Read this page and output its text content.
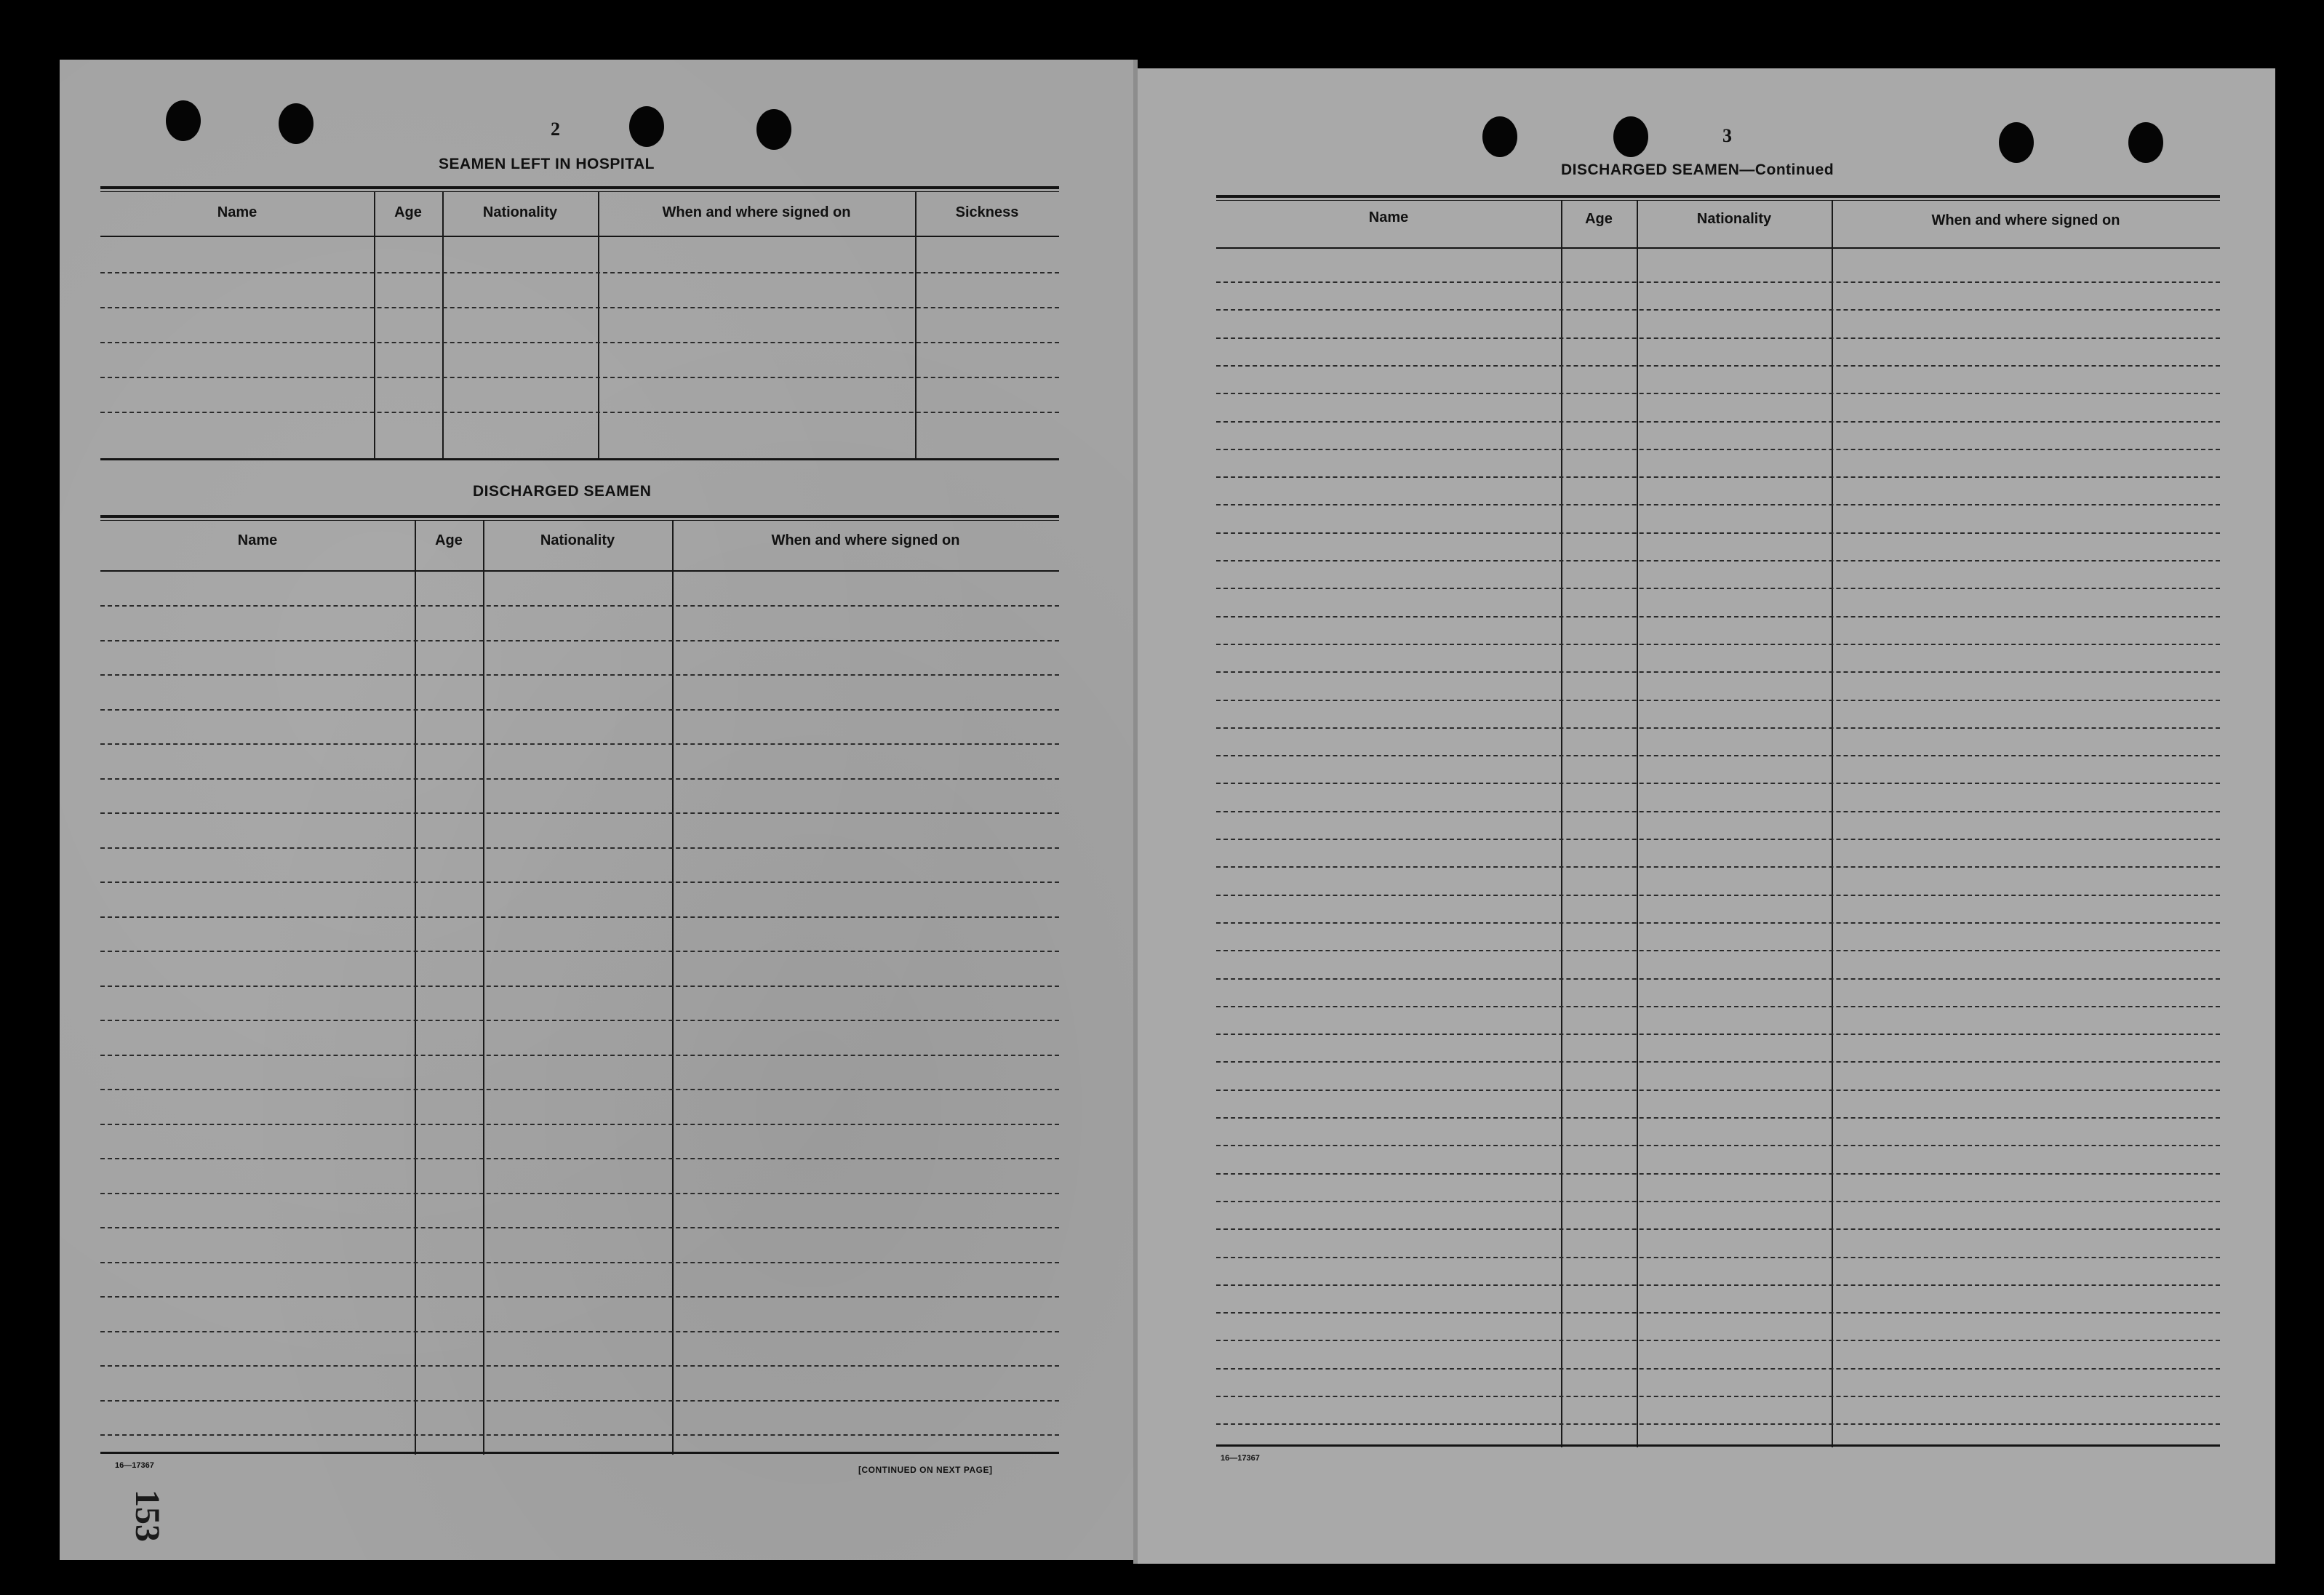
2
SEAMEN LEFT IN HOSPITAL
Name	Age	Nationality	When and where signed on	Sickness
DISCHARGED SEAMEN
Name	Age	Nationality	When and where signed on
16—17367	[CONTINUED ON NEXT PAGE]
153
3
DISCHARGED SEAMEN—Continued
Name	Age	Nationality	When and where signed on
16—17367
